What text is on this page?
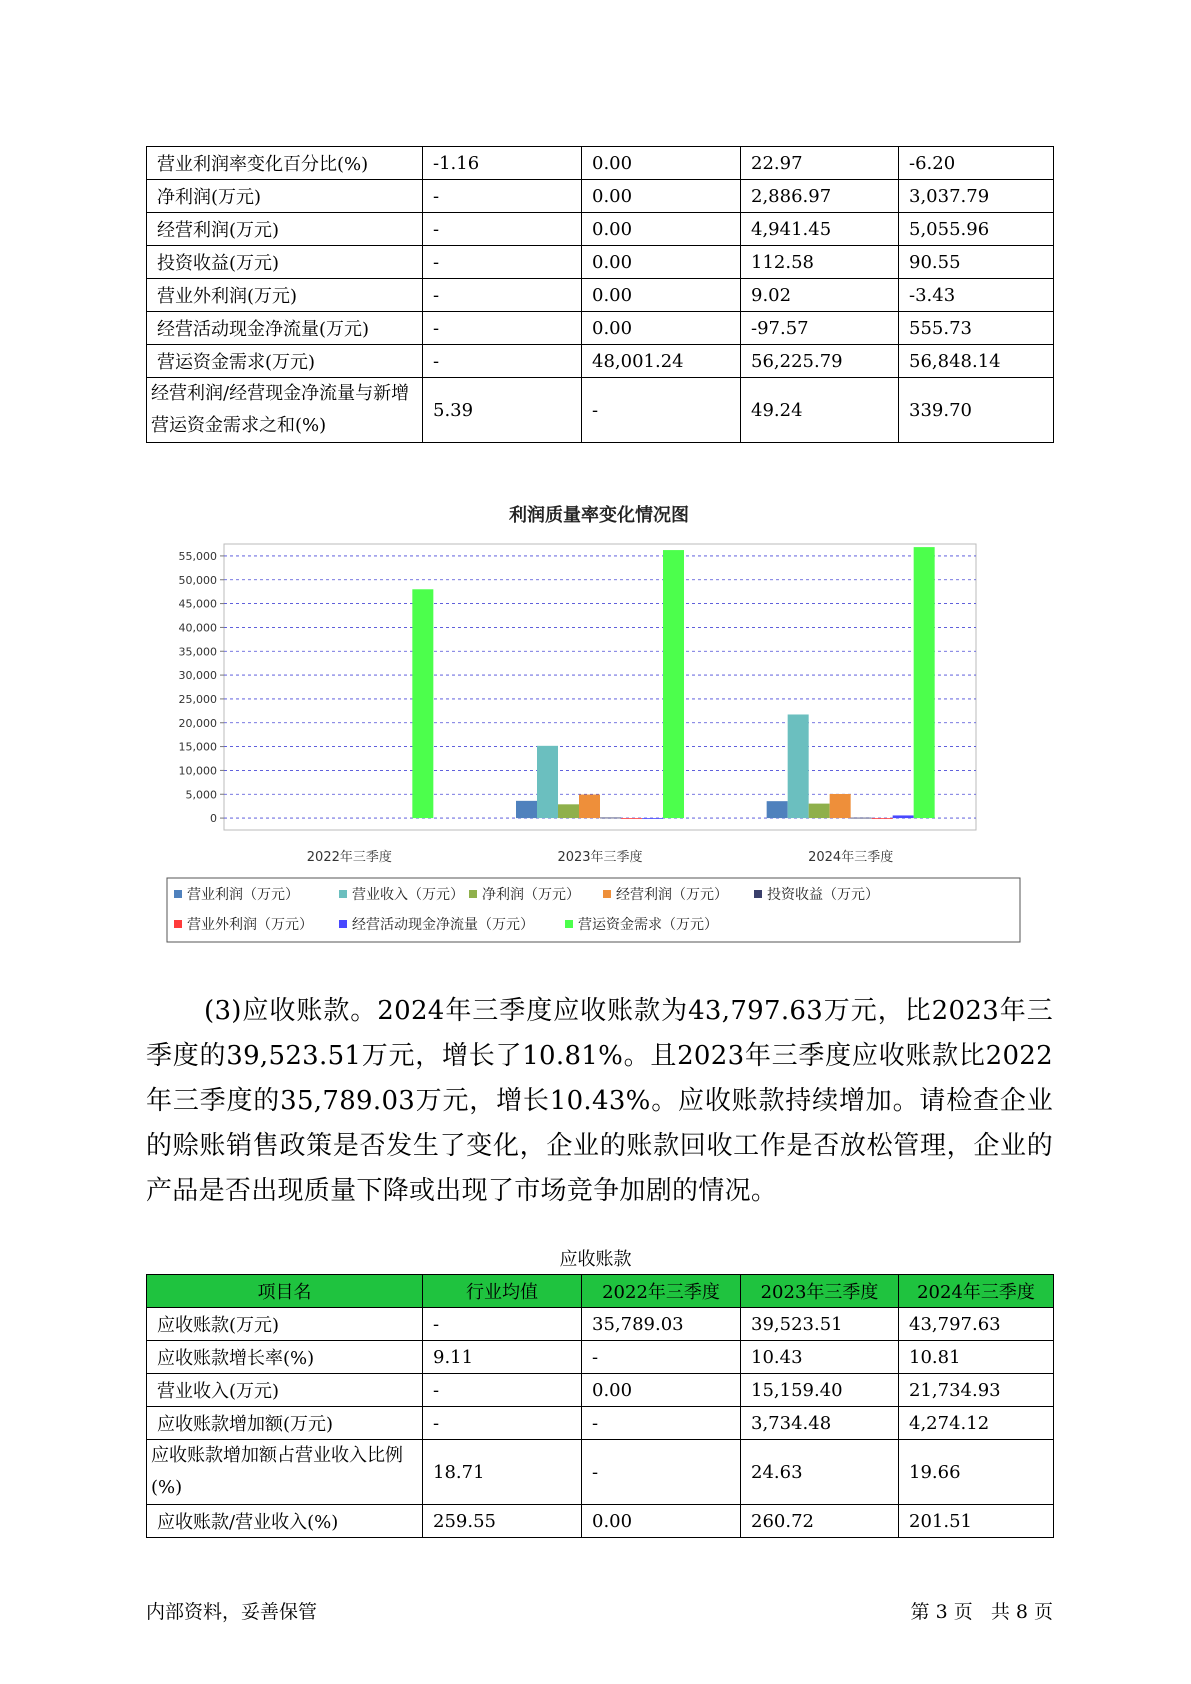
营业利润率变化百分比(%)	-1.16	0.00	22.97	-6.20
净利润(万元)	-	0.00	2,886.97	3,037.79
经营利润(万元)	-	0.00	4,941.45	5,055.96
投资收益(万元)	-	0.00	112.58	90.55
营业外利润(万元)	-	0.00	9.02	-3.43
经营活动现金净流量(万元)	-	0.00	-97.57	555.73
营运资金需求(万元)	-	48,001.24	56,225.79	56,848.14
经营利润/经营现金净流量与新增营运资金需求之和(%)	5.39	-	49.24	339.70
利润质量率变化情况图
0
5,000
10,000
15,000
20,000
25,000
30,000
35,000
40,000
45,000
50,000
55,000
2022年三季度	2023年三季度	2024年三季度
营业利润（万元）	营业收入（万元） 净利润（万元）	经营利润（万元）	投资收益（万元）
营业外利润（万元）	经营活动现金净流量（万元）	营运资金需求（万元）

(3)应收账款。2024年三季度应收账款为43,797.63万元，比2023年三季度的39,523.51万元，增长了10.81%。且2023年三季度应收账款比2022年三季度的35,789.03万元，增长10.43%。应收账款持续增加。请检查企业的赊账销售政策是否发生了变化，企业的账款回收工作是否放松管理，企业的产品是否出现质量下降或出现了市场竞争加剧的情况。

应收账款
项目名	行业均值	2022年三季度	2023年三季度	2024年三季度
应收账款(万元)	-	35,789.03	39,523.51	43,797.63
应收账款增长率(%)	9.11	-	10.43	10.81
营业收入(万元)	-	0.00	15,159.40	21,734.93
应收账款增加额(万元)	-	-	3,734.48	4,274.12
应收账款增加额占营业收入比例(%)	18.71	-	24.63	19.66
应收账款/营业收入(%)	259.55	0.00	260.72	201.51
内部资料，妥善保管	第 3 页   共 8 页
